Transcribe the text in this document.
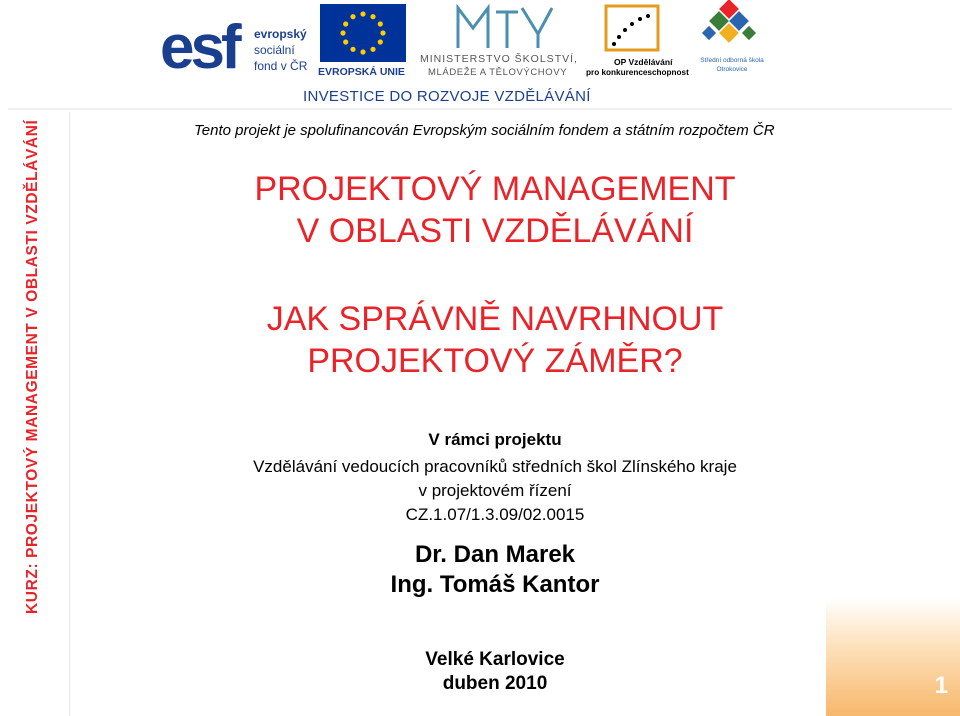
esf	evropský
sociální
fond v ČR EVROPSKÁ UNIE
MINISTERSTVO ŠKOLSTVÍ,
MLÁDEŽE A TĚLOVÝCHOVY
OP Vzdělávání
pro konkurenceschopnost
Střední odborná škola
Otrokovice
INVESTICE DO ROZVOJE VZDĚLÁVÁNÍ
KURZ: PROJEKTOVÝ MANAGEMENT V OBLASTI VZDĚLÁVÁNÍ	Tento projekt je spolufinancován Evropským sociálním fondem a státním rozpočtem ČR
PROJEKTOVÝ MANAGEMENT
V OBLASTI VZDĚLÁVÁNÍ
JAK SPRÁVNĚ NAVRHNOUT
PROJEKTOVÝ ZÁMĚR?
V rámci projektu
Vzdělávání vedoucích pracovníků středních škol Zlínského kraje
v projektovém řízení
CZ.1.07/1.3.09/02.0015
Dr. Dan Marek
Ing. Tomáš Kantor
Velké Karlovice
duben 2010	1
